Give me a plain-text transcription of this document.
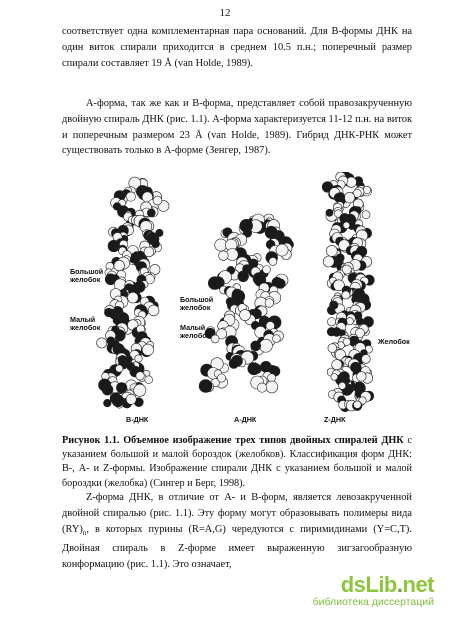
12

соответствует одна комплементарная пара оснований. Для В-формы ДНК на один виток спирали приходится в среднем 10.5 п.н.; поперечный размер спирали составляет 19 Å (van Holde, 1989).

А-форма, так же как и В-форма, представляет собой правозакрученную двойную спираль ДНК (рис. 1.1). А-форма характеризуется 11-12 п.н. на виток и поперечным размером 23 Å (van Holde, 1989). Гибрид ДНК-РНК может существовать только в А-форме (Зенгер, 1987).

Большой желобок
Малый желобок
Большой желобок
Малый желобок
Желобок
B-ДНК	A-ДНК	Z-ДНК

Рисунок 1.1. Объемное изображение трех типов двойных спиралей ДНК с указанием большой и малой бороздок (желобков). Классификация форм ДНК: В-, А- и Z-формы. Изображение спирали ДНК с указанием большой и малой бороздки (желобка) (Сингер и Берг, 1998).

Z-форма ДНК, в отличие от А- и В-форм, является левозакрученной двойной спиралью (рис. 1.1). Эту форму могут образовывать полимеры вида $(RY)_n$, в которых пурины (R=A,G) чередуются с пиримидинами (Y=C,T). Двойная спираль в Z-форме имеет выраженную зигзагообразную конформацию (рис. 1.1). Это означает,

dsLib.net
библиотека диссертаций
